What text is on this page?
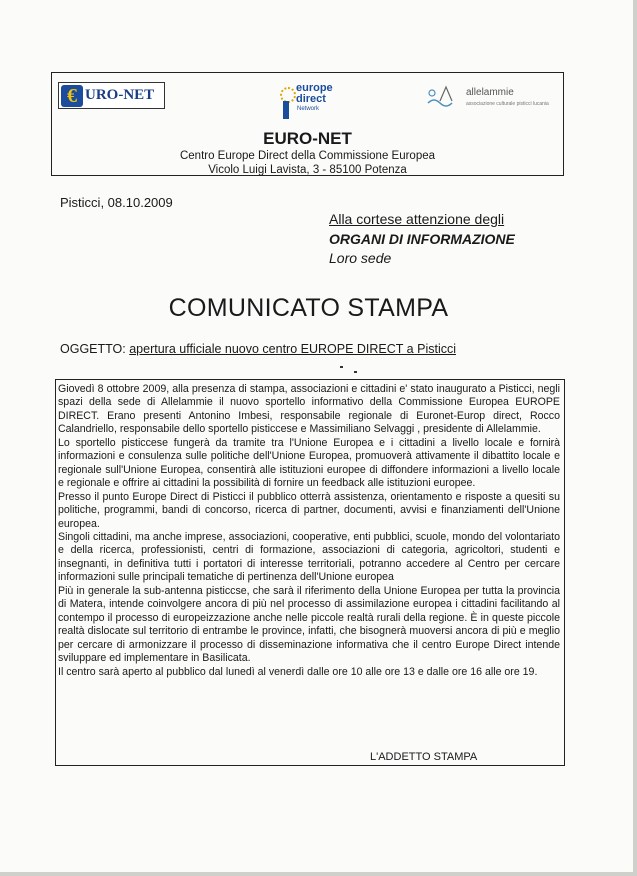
€ URO-NET	europe
direct
Network
allelammie
associazione culturale pisticci lucania
EURO-NET
Centro Europe Direct della Commissione Europea
Vicolo Luigi Lavista, 3 - 85100 Potenza
Pisticci, 08.10.2009
Alla cortese attenzione degli
ORGANI DI INFORMAZIONE
Loro sede
COMUNICATO STAMPA
OGGETTO: apertura ufficiale nuovo centro EUROPE DIRECT a Pisticci

Giovedì 8 ottobre 2009, alla presenza di stampa, associazioni e cittadini e' stato inaugurato a Pisticci, negli spazi della sede di Allelammie il nuovo sportello informativo della Commissione Europea EUROPE DIRECT. Erano presenti Antonino Imbesi, responsabile regionale di Euronet-Europ direct, Rocco Calandriello, responsabile dello sportello pisticcese e Massimiliano Selvaggi , presidente di Allelammie.

Lo sportello pisticcese fungerà da tramite tra l'Unione Europea e i cittadini a livello locale e fornirà informazioni e consulenza sulle politiche dell'Unione Europea, promuoverà attivamente il dibattito locale e regionale sull'Unione Europea, consentirà alle istituzioni europee di diffondere informazioni a livello locale e regionale e offrire ai cittadini la possibilità di fornire un feedback alle istituzioni europee.

Presso il punto Europe Direct di Pisticci il pubblico otterrà assistenza, orientamento e risposte a quesiti su politiche, programmi, bandi di concorso, ricerca di partner, documenti, avvisi e finanziamenti dell'Unione europea.

Singoli cittadini, ma anche imprese, associazioni, cooperative, enti pubblici, scuole, mondo del volontariato e della ricerca, professionisti, centri di formazione, associazioni di categoria, agricoltori, studenti e insegnanti, in definitiva tutti i portatori di interesse territoriali, potranno accedere al Centro per cercare informazioni sulle principali tematiche di pertinenza dell'Unione europea

Più in generale la sub-antenna pisticcse, che sarà il riferimento della Unione Europea per tutta la provincia di Matera, intende coinvolgere ancora di più nel processo di assimilazione europea i cittadini facilitando al contempo il processo di europeizzazione anche nelle piccole realtà rurali della regione. È in queste piccole realtà dislocate sul territorio di entrambe le province, infatti, che bisognerà muoversi ancora di più e meglio per cercare di armonizzare il processo di disseminazione informativa che il centro Europe Direct intende sviluppare ed implementare in Basilicata.

Il centro sarà aperto al pubblico dal lunedì al venerdì dalle ore 10 alle ore 13 e dalle ore 16 alle ore 19.

L'ADDETTO STAMPA
